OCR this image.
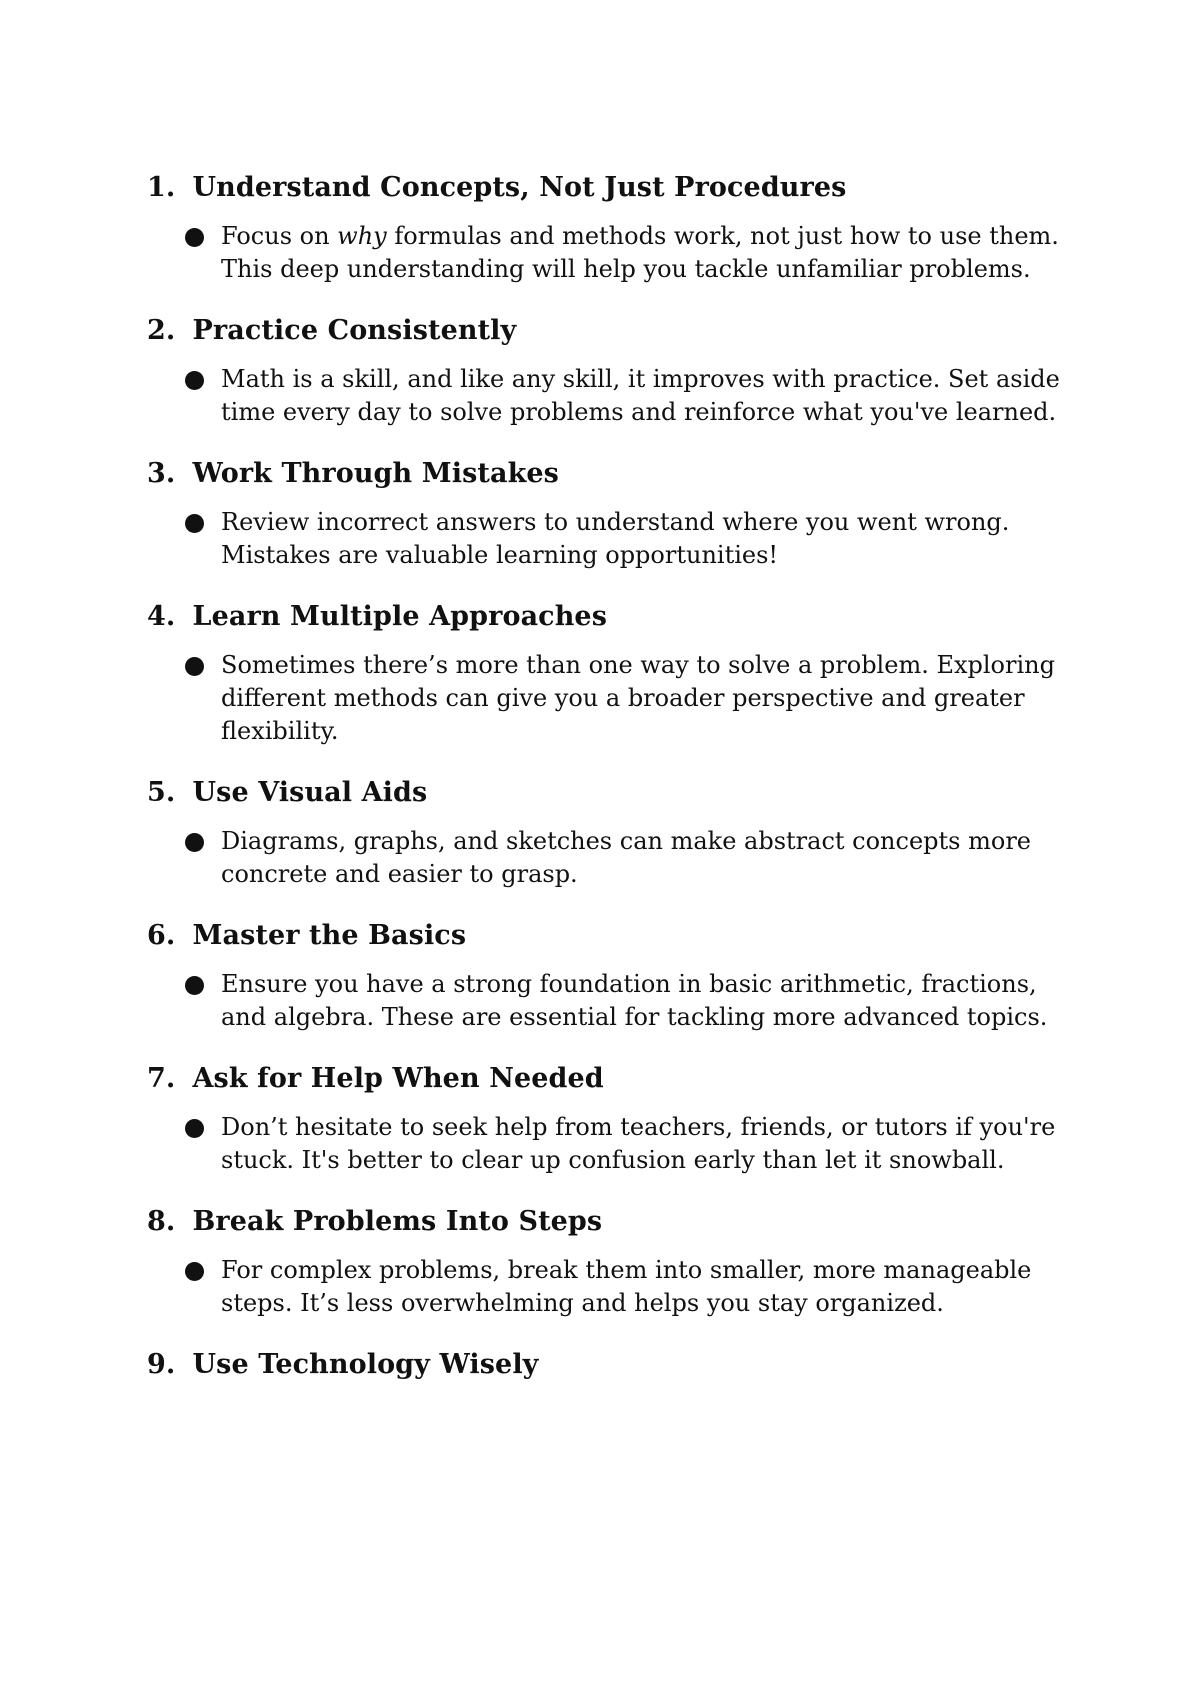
1. Understand Concepts, Not Just Procedures
Focus on why formulas and methods work, not just how to use them. This deep understanding will help you tackle unfamiliar problems.
2. Practice Consistently
Math is a skill, and like any skill, it improves with practice. Set aside time every day to solve problems and reinforce what you've learned.
3. Work Through Mistakes
Review incorrect answers to understand where you went wrong. Mistakes are valuable learning opportunities!
4. Learn Multiple Approaches
Sometimes there’s more than one way to solve a problem. Exploring different methods can give you a broader perspective and greater flexibility.
5. Use Visual Aids
Diagrams, graphs, and sketches can make abstract concepts more concrete and easier to grasp.
6. Master the Basics
Ensure you have a strong foundation in basic arithmetic, fractions, and algebra. These are essential for tackling more advanced topics.
7. Ask for Help When Needed
Don’t hesitate to seek help from teachers, friends, or tutors if you're stuck. It's better to clear up confusion early than let it snowball.
8. Break Problems Into Steps
For complex problems, break them into smaller, more manageable steps. It’s less overwhelming and helps you stay organized.
9. Use Technology Wisely
